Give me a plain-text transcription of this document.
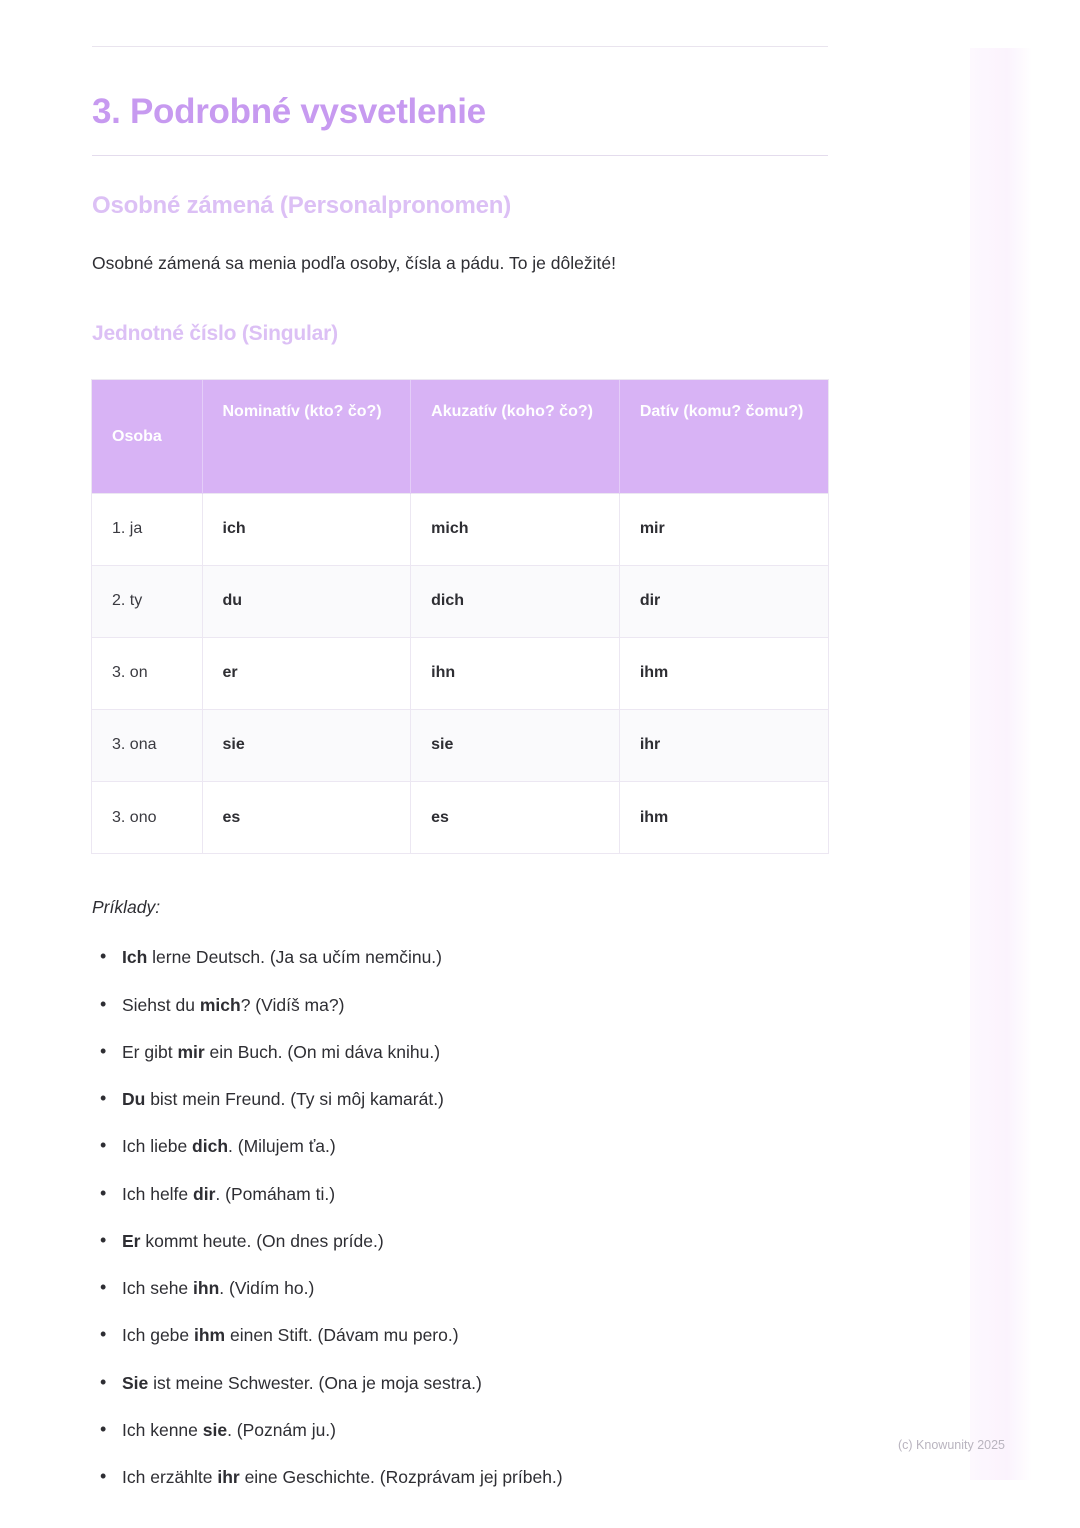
3. Podrobné vysvetlenie
Osobné zámená (Personalpronomen)

Osobné zámená sa menia podľa osoby, čísla a pádu. To je dôležité!

Jednotné číslo (Singular)
Osoba	Nominatív (kto? čo?)	Akuzatív (koho? čo?)	Datív (komu? čomu?)
1. ja	ich	mich	mir
2. ty	du	dich	dir
3. on	er	ihn	ihm
3. ona	sie	sie	ihr
3. ono	es	es	ihm

Príklady:

• Ich lerne Deutsch. (Ja sa učím nemčinu.)
• Siehst du mich? (Vidíš ma?)
• Er gibt mir ein Buch. (On mi dáva knihu.)
• Du bist mein Freund. (Ty si môj kamarát.)
• Ich liebe dich. (Milujem ťa.)
• Ich helfe dir. (Pomáham ti.)
• Er kommt heute. (On dnes príde.)
• Ich sehe ihn. (Vidím ho.)
• Ich gebe ihm einen Stift. (Dávam mu pero.)
• Sie ist meine Schwester. (Ona je moja sestra.)
• Ich kenne sie. (Poznám ju.)
• Ich erzählte ihr eine Geschichte. (Rozprávam jej príbeh.)
(c) Knowunity 2025
